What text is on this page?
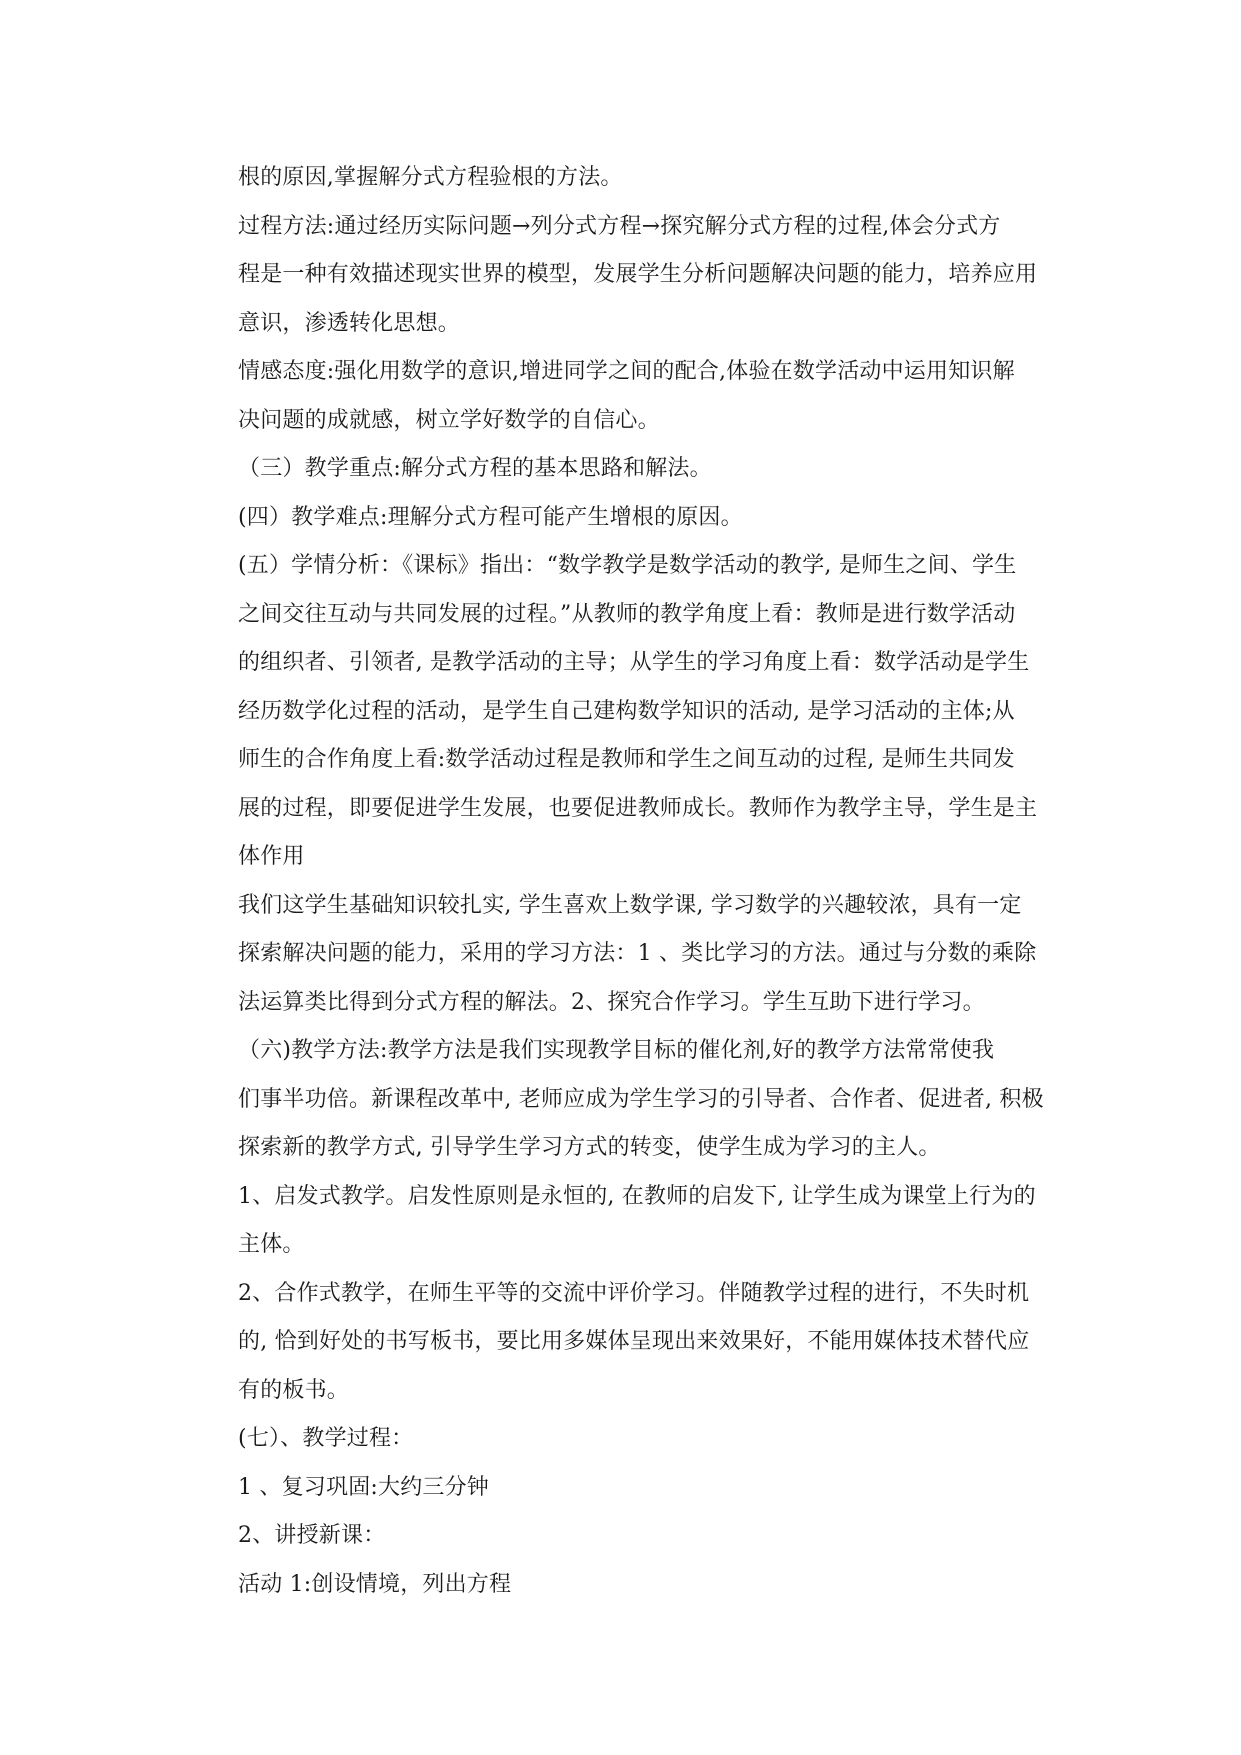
根的原因,掌握解分式方程验根的方法。
过程方法:通过经历实际问题→列分式方程→探究解分式方程的过程,体会分式方
程是一种有效描述现实世界的模型，发展学生分析问题解决问题的能力，培养应用
意识，渗透转化思想。
情感态度:强化用数学的意识,增进同学之间的配合,体验在数学活动中运用知识解
决问题的成就感，树立学好数学的自信心。
（三）教学重点:解分式方程的基本思路和解法。
(四）教学难点:理解分式方程可能产生增根的原因。
(五）学情分析：《课标》指出：“数学教学是数学活动的教学, 是师生之间、学生
之间交往互动与共同发展的过程。”从教师的教学角度上看：教师是进行数学活动
的组织者、引领者, 是教学活动的主导；从学生的学习角度上看：数学活动是学生
经历数学化过程的活动，是学生自己建构数学知识的活动, 是学习活动的主体;从
师生的合作角度上看:数学活动过程是教师和学生之间互动的过程, 是师生共同发
展的过程，即要促进学生发展，也要促进教师成长。教师作为教学主导，学生是主
体作用
我们这学生基础知识较扎实, 学生喜欢上数学课, 学习数学的兴趣较浓，具有一定
探索解决问题的能力，采用的学习方法：1 、类比学习的方法。通过与分数的乘除
法运算类比得到分式方程的解法。2、探究合作学习。学生互助下进行学习。
（六)教学方法:教学方法是我们实现教学目标的催化剂,好的教学方法常常使我
们事半功倍。新课程改革中, 老师应成为学生学习的引导者、合作者、促进者, 积极
探索新的教学方式, 引导学生学习方式的转变，使学生成为学习的主人。
1、启发式教学。启发性原则是永恒的, 在教师的启发下, 让学生成为课堂上行为的
主体。
2、合作式教学，在师生平等的交流中评价学习。伴随教学过程的进行，不失时机
的, 恰到好处的书写板书，要比用多媒体呈现出来效果好，不能用媒体技术替代应
有的板书。
(七）、教学过程：
1 、复习巩固:大约三分钟
2、讲授新课：
活动 1:创设情境，列出方程
